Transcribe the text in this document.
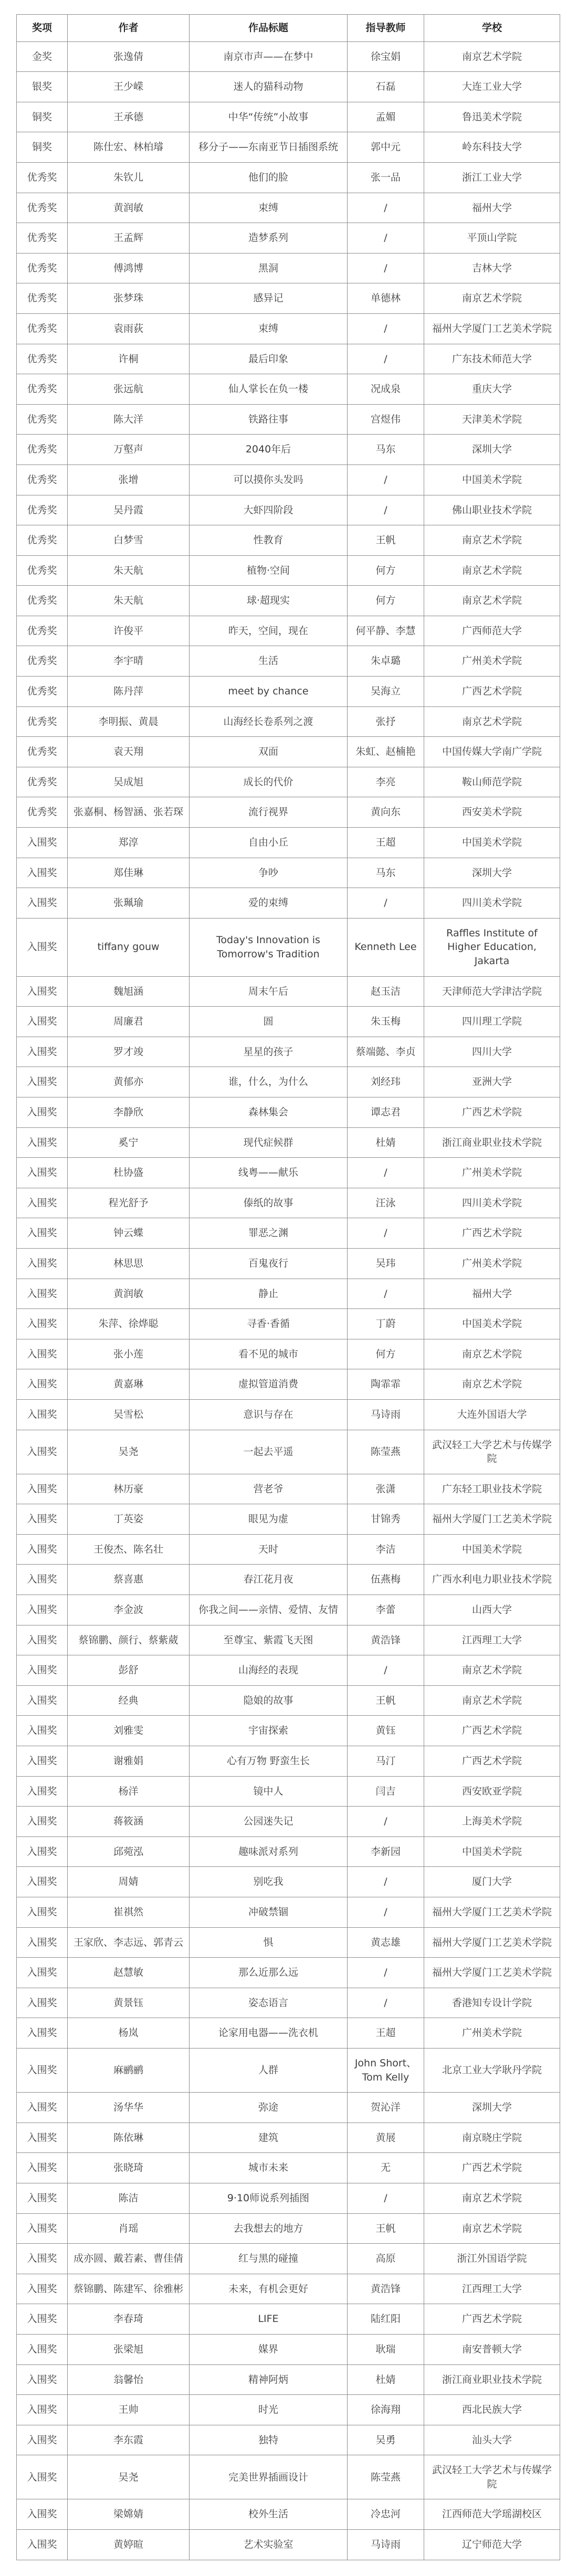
奖项	作者	作品标题	指导教师	学校
金奖	张逸倩	南京市声——在梦中	徐宝娟	南京艺术学院
银奖	王少嵘	迷人的猫科动物	石磊	大连工业大学
铜奖	王承德	中华“传统”小故事	孟媚	鲁迅美术学院
铜奖	陈仕宏、林柏璿	移分子——东南亚节日插图系统	郭中元	岭东科技大学
优秀奖	朱钦儿	他们的脸	张一品	浙江工业大学
优秀奖	黄润敏	束缚	/	福州大学
优秀奖	王孟辉	造梦系列	/	平顶山学院
优秀奖	傅鸿博	黑洞	/	吉林大学
优秀奖	张梦珠	感异记	单德林	南京艺术学院
优秀奖	袁雨荻	束缚	/	福州大学厦门工艺美术学院
优秀奖	许桐	最后印象	/	广东技术师范大学
优秀奖	张远航	仙人掌长在负一楼	况成泉	重庆大学
优秀奖	陈大洋	铁路往事	宫煜伟	天津美术学院
优秀奖	万壑声	2040年后	马东	深圳大学
优秀奖	张增	可以摸你头发吗	/	中国美术学院
优秀奖	吴丹霞	大虾四阶段	/	佛山职业技术学院
优秀奖	白梦雪	性教育	王帆	南京艺术学院
优秀奖	朱天航	植物·空间	何方	南京艺术学院
优秀奖	朱天航	球·超现实	何方	南京艺术学院
优秀奖	许俊平	昨天，空间，现在	何平静、李慧	广西师范大学
优秀奖	李宇晴	生活	朱卓璐	广州美术学院
优秀奖	陈丹萍	meet by chance	吴海立	广西艺术学院
优秀奖	李明振、黄晨	山海经长卷系列之渡	张抒	南京艺术学院
优秀奖	袁天翔	双面	朱虹、赵楠艳	中国传媒大学南广学院
优秀奖	吴成旭	成长的代价	李亮	鞍山师范学院
优秀奖	张嘉桐、杨智涵、张若琛	流行视界	黄向东	西安美术学院
入围奖	郑淳	自由小丘	王超	中国美术学院
入围奖	郑佳琳	争吵	马东	深圳大学
入围奖	张珮瑜	爱的束缚	/	四川美术学院
入围奖	tiffany gouw	Today's Innovation is Tomorrow's Tradition	Kenneth Lee	Raffles Institute of Higher Education, Jakarta
入围奖	魏旭涵	周末午后	赵玉洁	天津师范大学津沽学院
入围奖	周廉君	圄	朱玉梅	四川理工学院
入围奖	罗才竣	星星的孩子	蔡端懿、李贞	四川大学
入围奖	黄郁亦	谁，什么，为什么	刘经玮	亚洲大学
入围奖	李静欣	森林集会	谭志君	广西艺术学院
入围奖	奚宁	现代症候群	杜婧	浙江商业职业技术学院
入围奖	杜协盛	线粤——献乐	/	广州美术学院
入围奖	程光舒予	傣纸的故事	汪泳	四川美术学院
入围奖	钟云蝶	罪恶之渊	/	广西艺术学院
入围奖	林思思	百鬼夜行	吴玮	广州美术学院
入围奖	黄润敏	静止	/	福州大学
入围奖	朱萍、徐烨聪	寻香·香循	丁蔚	中国美术学院
入围奖	张小莲	看不见的城市	何方	南京艺术学院
入围奖	黄嘉琳	虚拟管道消费	陶霏霏	南京艺术学院
入围奖	吴雪松	意识与存在	马诗雨	大连外国语大学
入围奖	吴尧	一起去平遥	陈莹燕	武汉轻工大学艺术与传媒学院
入围奖	林历豪	营老爷	张潇	广东轻工职业技术学院
入围奖	丁英姿	眼见为虚	甘锦秀	福州大学厦门工艺美术学院
入围奖	王俊杰、陈名壮	天时	李洁	中国美术学院
入围奖	蔡喜惠	春江花月夜	伍燕梅	广西水利电力职业技术学院
入围奖	李金波	你我之间——亲情、爱情、友情	李蕾	山西大学
入围奖	蔡锦鹏、颜行、蔡紫葳	至尊宝、紫霞飞天图	黄浩锋	江西理工大学
入围奖	彭舒	山海经的表现	/	南京艺术学院
入围奖	经典	隐娘的故事	王帆	南京艺术学院
入围奖	刘雅雯	宇宙探索	黄钰	广西艺术学院
入围奖	谢雅娟	心有万物 野蛮生长	马汀	广西艺术学院
入围奖	杨洋	镜中人	闫吉	西安欧亚学院
入围奖	蒋筱涵	公园迷失记	/	上海美术学院
入围奖	邱菀泓	趣味派对系列	李新园	中国美术学院
入围奖	周婧	别吃我	/	厦门大学
入围奖	崔祺然	冲破禁锢	/	福州大学厦门工艺美术学院
入围奖	王家欣、李志远、郭青云	惧	黄志雄	福州大学厦门工艺美术学院
入围奖	赵慧敏	那么近那么远	/	福州大学厦门工艺美术学院
入围奖	黄景钰	姿态语言	/	香港知专设计学院
入围奖	杨岚	论家用电器——洗衣机	王超	广州美术学院
入围奖	麻鹂鹂	人群	John Short、Tom Kelly	北京工业大学耿丹学院
入围奖	汤华华	弥途	贺沁洋	深圳大学
入围奖	陈依琳	建筑	黄展	南京晓庄学院
入围奖	张晓琦	城市未来	无	广西艺术学院
入围奖	陈洁	9·10师说系列插图	/	南京艺术学院
入围奖	肖瑶	去我想去的地方	王帆	南京艺术学院
入围奖	成亦圆、戴若素、曹佳倩	红与黑的碰撞	高原	浙江外国语学院
入围奖	蔡锦鹏、陈建军、徐雅彬	未来，有机会更好	黄浩锋	江西理工大学
入围奖	李春琦	LIFE	陆红阳	广西艺术学院
入围奖	张梁旭	媒界	耿瑞	南安普顿大学
入围奖	翁馨怡	精神阿炳	杜婧	浙江商业职业技术学院
入围奖	王帅	时光	徐海翔	西北民族大学
入围奖	李东霞	独特	吴勇	汕头大学
入围奖	吴尧	完美世界插画设计	陈莹燕	武汉轻工大学艺术与传媒学院
入围奖	梁嫦婧	校外生活	冷忠河	江西师范大学瑶湖校区
入围奖	黄婷暄	艺术实验室	马诗雨	辽宁师范大学
